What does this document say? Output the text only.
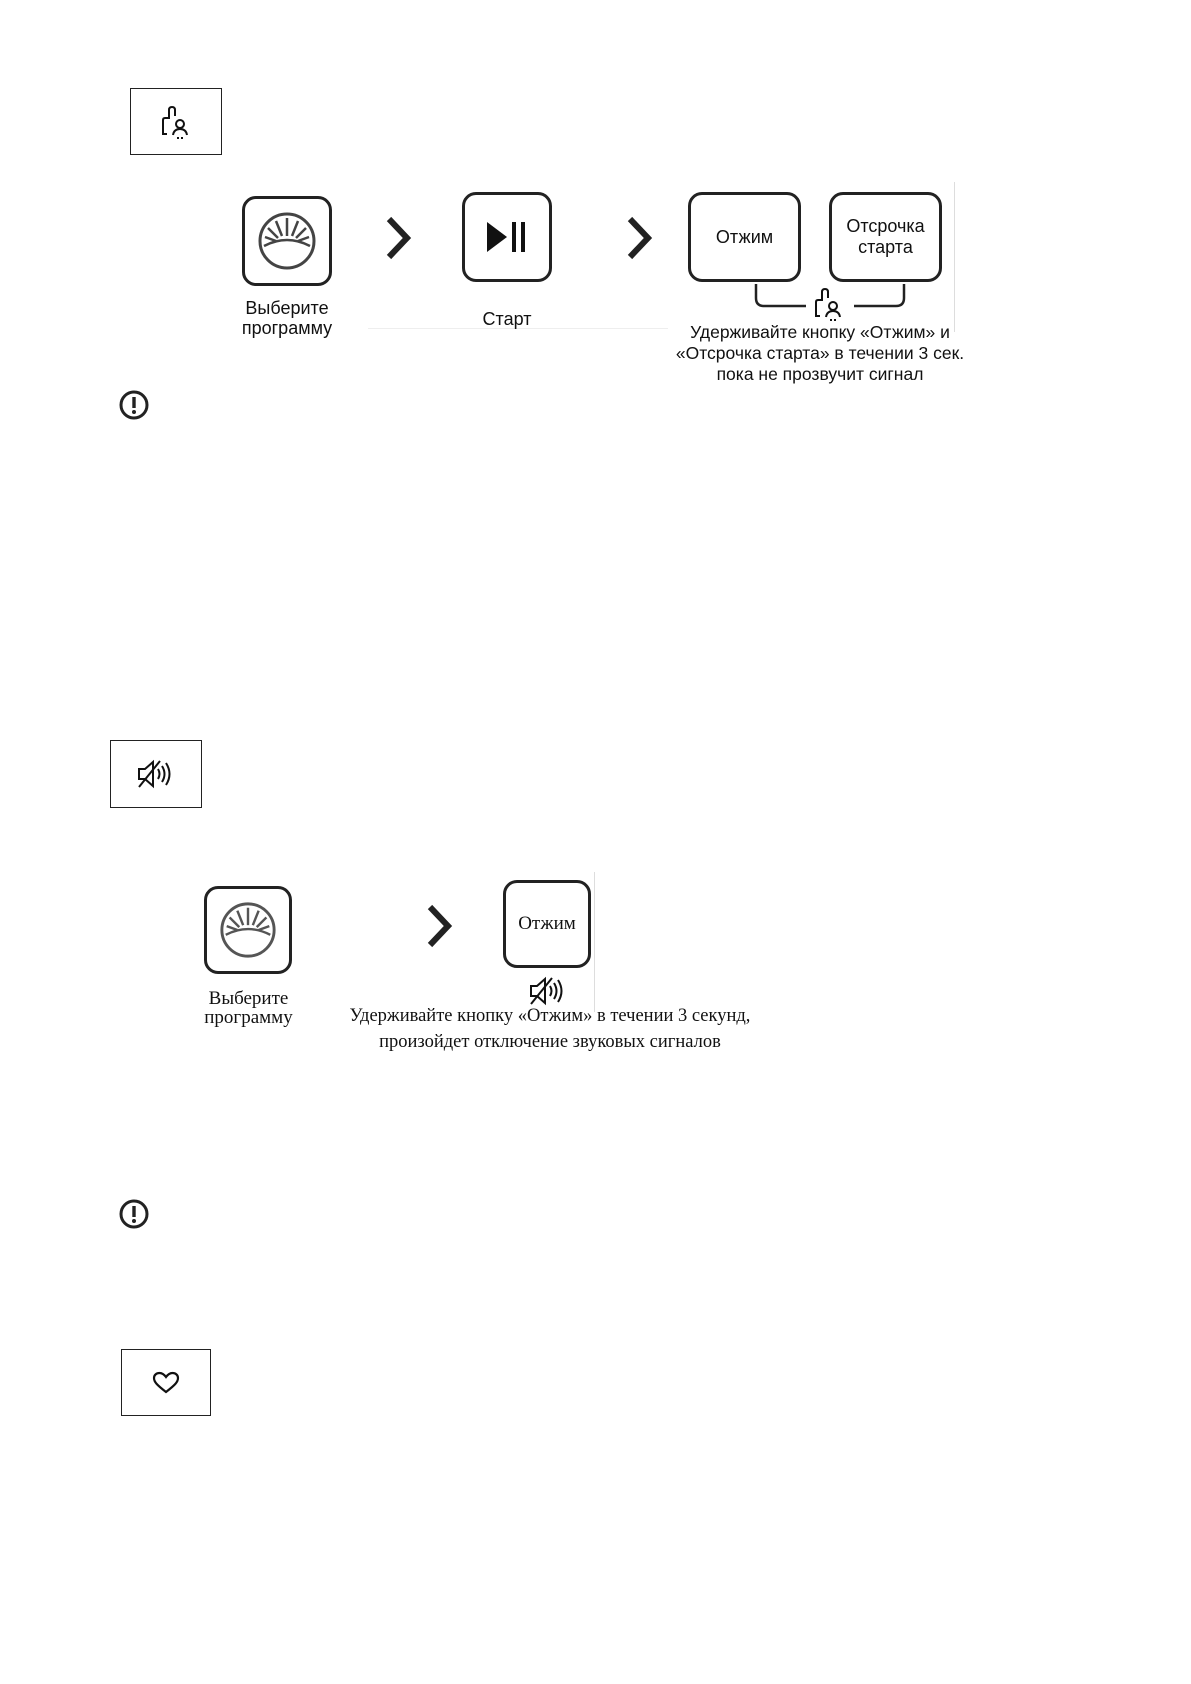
Выберите программу	Старт
Отжим
Отсрочка
старта
Удерживайте кнопку «Отжим» и
«Отсрочка старта» в течении 3 сек.
пока не прозвучит сигнал
Выберите
программу
Отжим
Удерживайте кнопку «Отжим» в течении 3 секунд,
произойдет отключение звуковых сигналов
